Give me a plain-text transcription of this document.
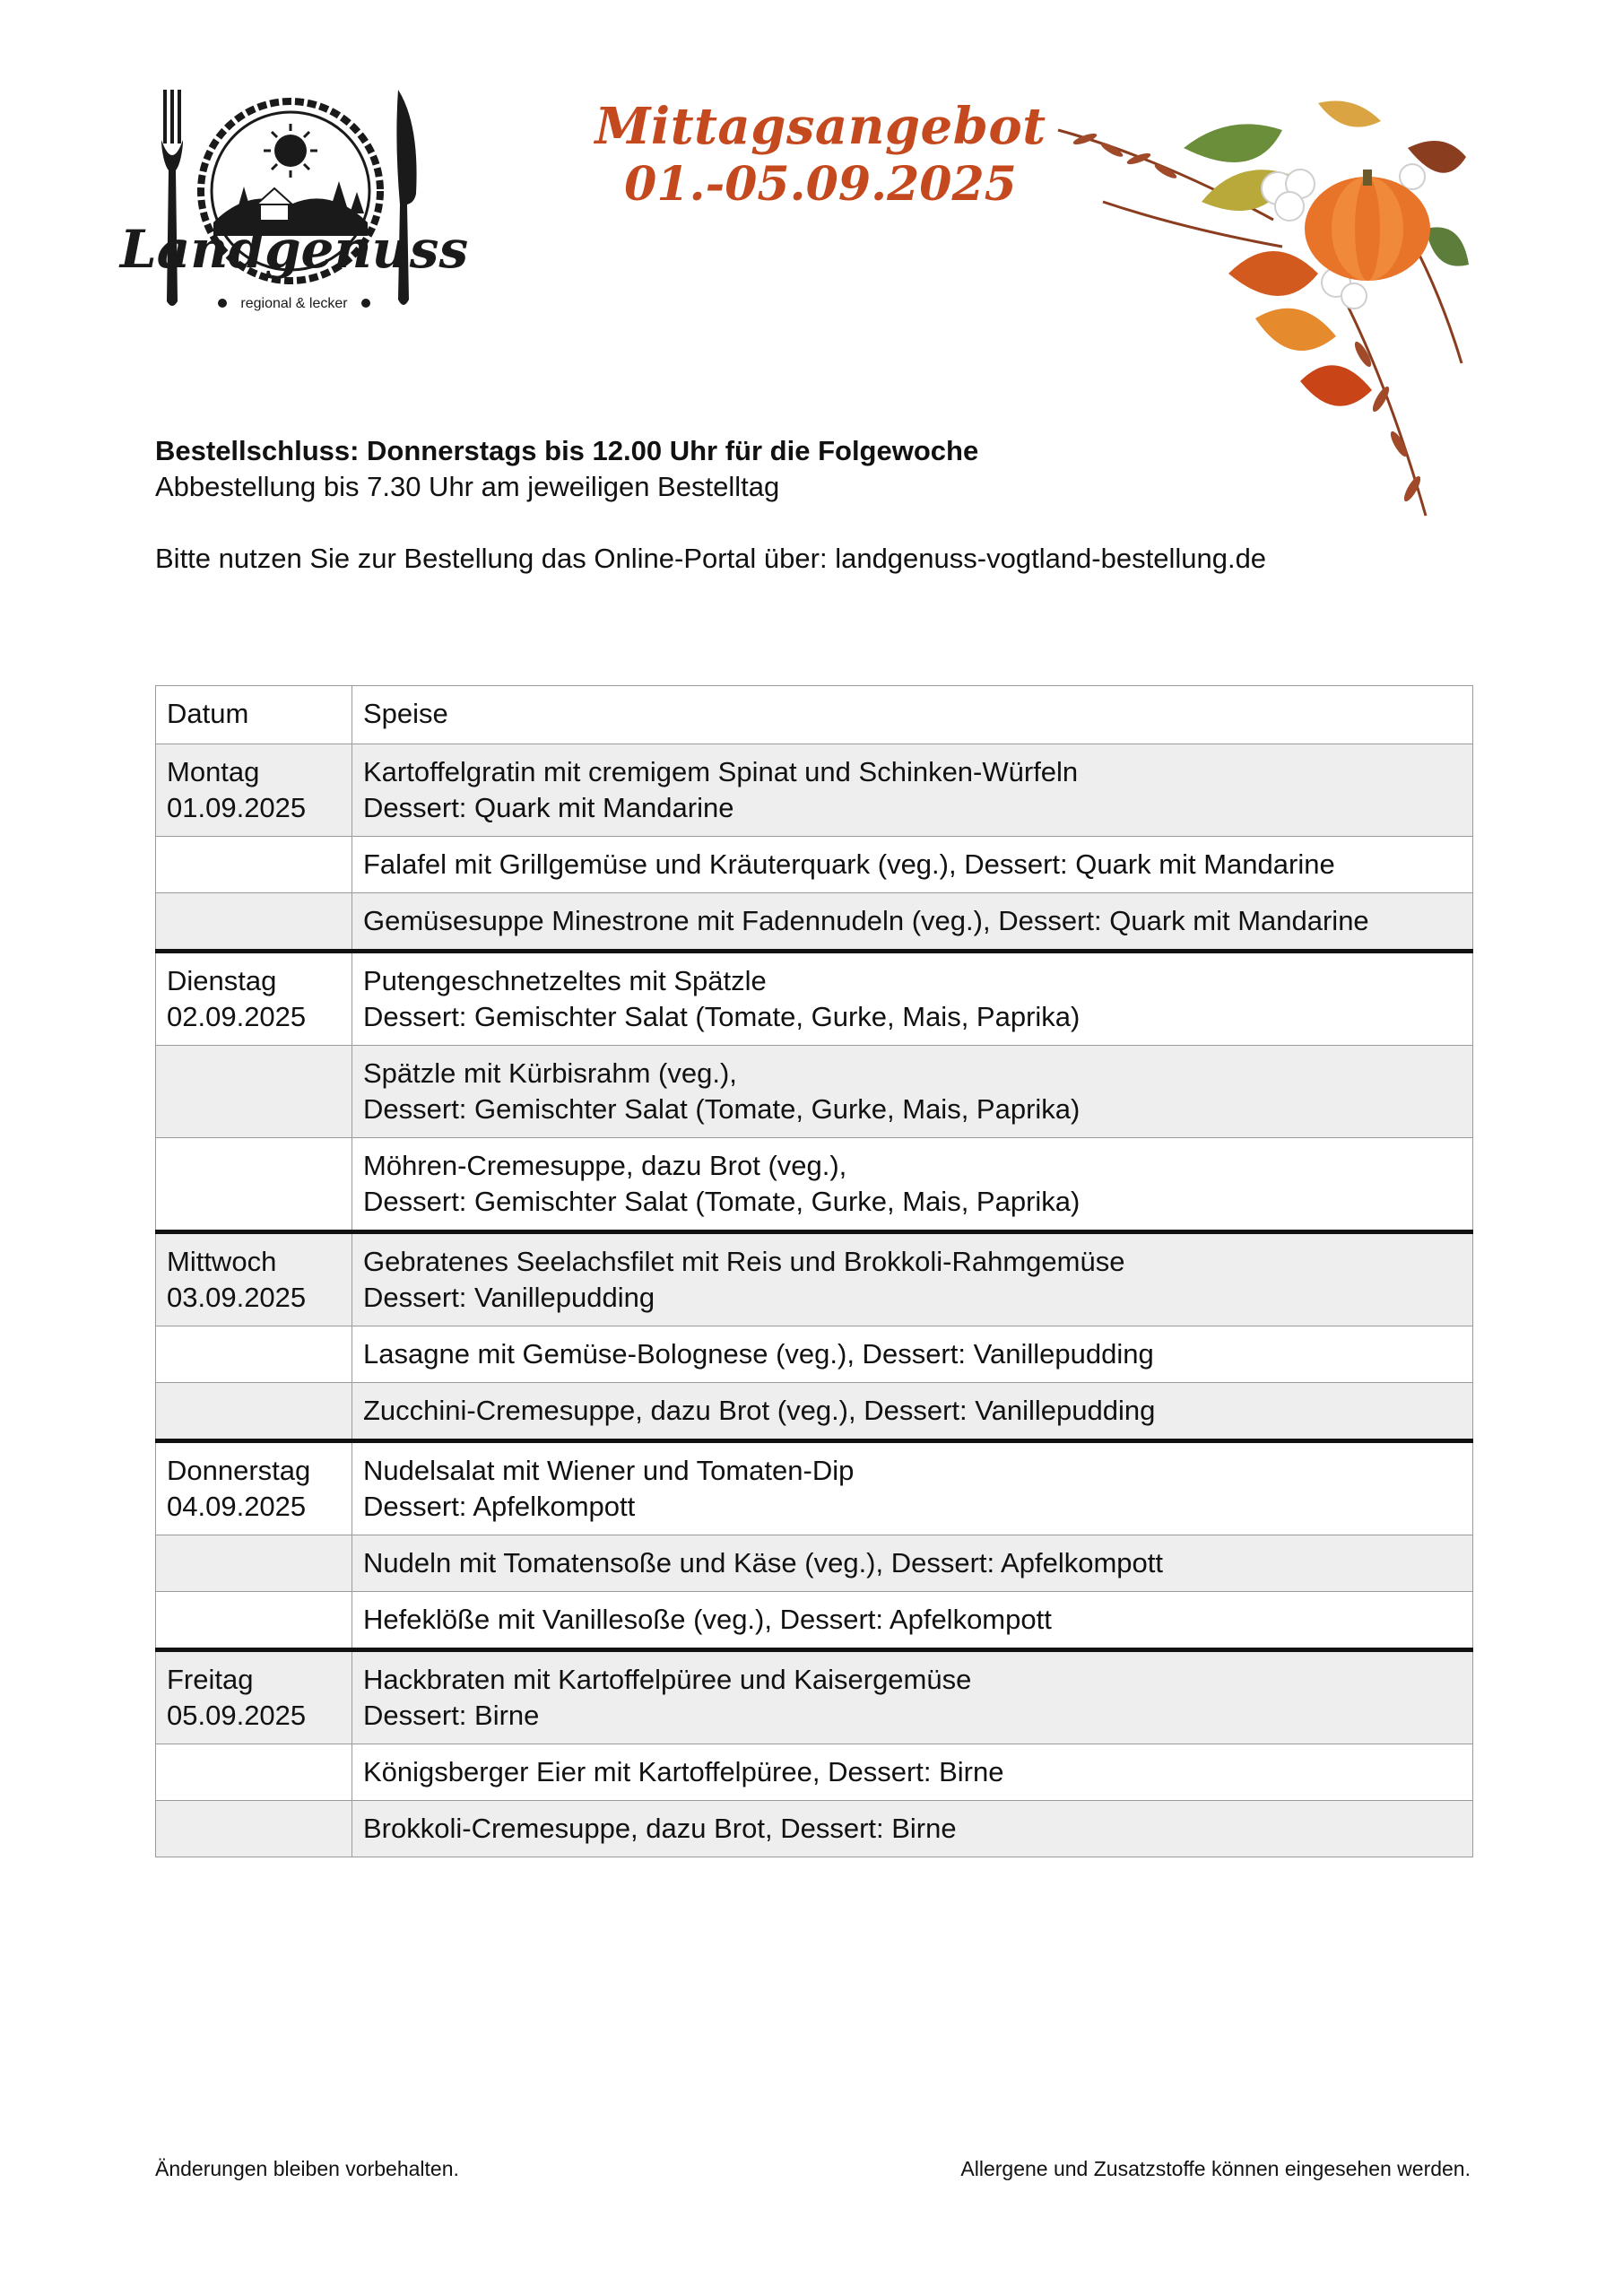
Landgenuss
regional & lecker
Mittagsangebot
01.-05.09.2025
Bestellschluss: Donnerstags bis 12.00 Uhr für die Folgewoche
Abbestellung bis 7.30 Uhr am jeweiligen Bestelltag
Bitte nutzen Sie zur Bestellung das Online-Portal über: landgenuss-vogtland-bestellung.de
Datum	Speise

Montag
01.09.2025	Kartoffelgratin mit cremigem Spinat und Schinken-Würfeln
Dessert: Quark mit Mandarine

	Falafel mit Grillgemüse und Kräuterquark (veg.), Dessert: Quark mit Mandarine

	Gemüsesuppe Minestrone mit Fadennudeln (veg.), Dessert: Quark mit Mandarine

Dienstag
02.09.2025	Putengeschnetzeltes mit Spätzle
Dessert: Gemischter Salat (Tomate, Gurke, Mais, Paprika)

	Spätzle mit Kürbisrahm (veg.),
Dessert: Gemischter Salat (Tomate, Gurke, Mais, Paprika)

	Möhren-Cremesuppe, dazu Brot (veg.),
Dessert: Gemischter Salat (Tomate, Gurke, Mais, Paprika)

Mittwoch
03.09.2025	Gebratenes Seelachsfilet mit Reis und Brokkoli-Rahmgemüse
Dessert: Vanillepudding

	Lasagne mit Gemüse-Bolognese (veg.), Dessert: Vanillepudding

	Zucchini-Cremesuppe, dazu Brot (veg.), Dessert: Vanillepudding

Donnerstag
04.09.2025	Nudelsalat mit Wiener und Tomaten-Dip
Dessert: Apfelkompott

	Nudeln mit Tomatensoße und Käse (veg.), Dessert: Apfelkompott

	Hefeklöße mit Vanillesoße (veg.), Dessert: Apfelkompott

Freitag
05.09.2025	Hackbraten mit Kartoffelpüree und Kaisergemüse
Dessert: Birne

	Königsberger Eier mit Kartoffelpüree, Dessert: Birne

	Brokkoli-Cremesuppe, dazu Brot, Dessert: Birne
Änderungen bleiben vorbehalten.	Allergene und Zusatzstoffe können eingesehen werden.
